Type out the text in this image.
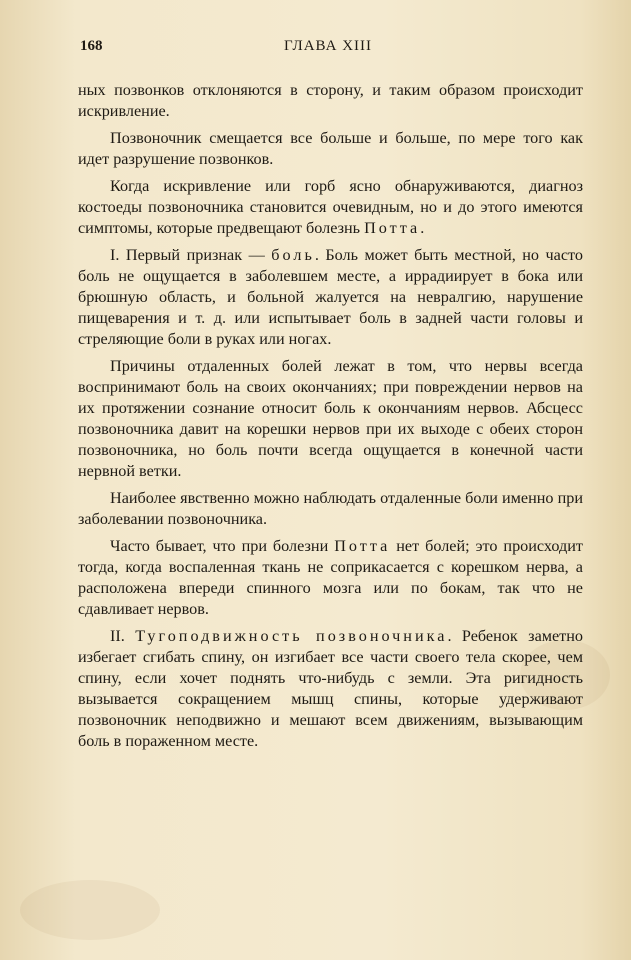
168	ГЛАВА XIII

ных позвонков отклоняются в сторону, и таким образом происходит искривление.

Позвоночник смещается все больше и больше, по мере того как идет разрушение позвонков.

Когда искривление или горб ясно обнаруживаются, диагноз костоеды позвоночника становится очевидным, но и до этого имеются симптомы, которые предвещают болезнь Потта.

I. Первый признак — боль. Боль может быть местной, но часто боль не ощущается в заболевшем месте, а иррадиирует в бока или брюшную область, и больной жалуется на невралгию, нарушение пищеварения и т. д. или испытывает боль в задней части головы и стреляющие боли в руках или ногах.

Причины отдаленных болей лежат в том, что нервы всегда воспринимают боль на своих окончаниях; при повреждении нервов на их протяжении сознание относит боль к окончаниям нервов. Абсцесс позвоночника давит на корешки нервов при их выходе с обеих сторон позвоночника, но боль почти всегда ощущается в конечной части нервной ветки.

Наиболее явственно можно наблюдать отдаленные боли именно при заболевании позвоночника.

Часто бывает, что при болезни Потта нет болей; это происходит тогда, когда воспаленная ткань не соприкасается с корешком нерва, а расположена впереди спинного мозга или по бокам, так что не сдавливает нервов.

II. Тугоподвижность позвоночника. Ребенок заметно избегает сгибать спину, он изгибает все части своего тела скорее, чем спину, если хочет поднять что-нибудь с земли. Эта ригидность вызывается сокращением мышц спины, которые удерживают позвоночник неподвижно и мешают всем движениям, вызывающим боль в пораженном месте.
